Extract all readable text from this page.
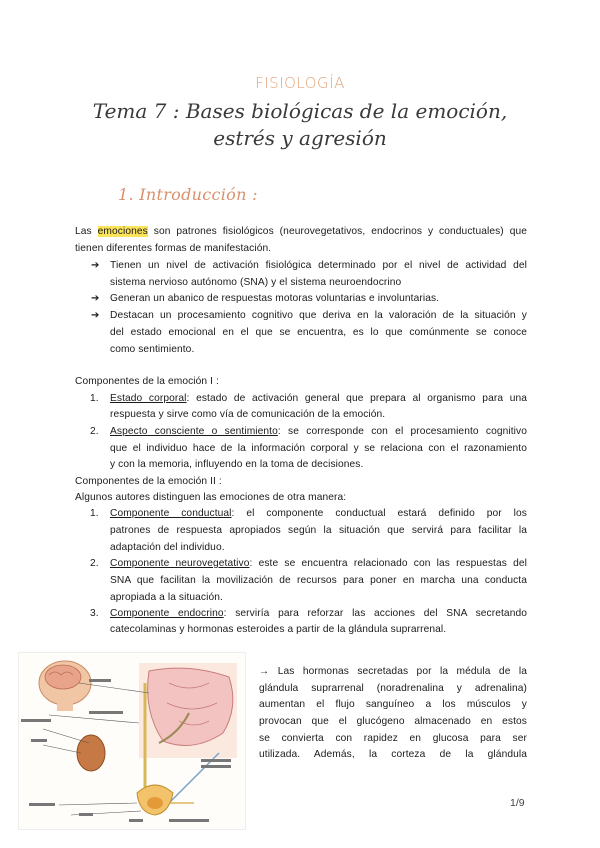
FISIOLOGÍA
Tema 7 : Bases biológicas de la emoción, estrés y agresión
1. Introducción :
Las emociones son patrones fisiológicos (neurovegetativos, endocrinos y conductuales) que
tienen diferentes formas de manifestación.
➔ Tienen un nivel de activación fisiológica determinado por el nivel de actividad del
sistema nervioso autónomo (SNA) y el sistema neuroendocrino
➔ Generan un abanico de respuestas motoras voluntarias e involuntarias.
➔ Destacan un procesamiento cognitivo que deriva en la valoración de la situación y
del estado emocional en el que se encuentra, es lo que comúnmente se conoce
como sentimiento.
Componentes de la emoción I :
1. Estado corporal: estado de activación general que prepara al organismo para una
respuesta y sirve como vía de comunicación de la emoción.
2. Aspecto consciente o sentimiento: se corresponde con el procesamiento cognitivo
que el individuo hace de la información corporal y se relaciona con el razonamiento
y con la memoria, influyendo en la toma de decisiones.
Componentes de la emoción II :
Algunos autores distinguen las emociones de otra manera:
1. Componente conductual: el componente conductual estará definido por los
patrones de respuesta apropiados según la situación que servirá para facilitar la
adaptación del individuo.
2. Componente neurovegetativo: este se encuentra relacionado con las respuestas del
SNA que facilitan la movilización de recursos para poner en marcha una conducta
apropiada a la situación.
3. Componente endocrino: serviría para reforzar las acciones del SNA secretando
catecolaminas y hormonas esteroides a partir de la glándula suprarrenal.
→ Las hormonas secretadas por la médula de la
glándula suprarrenal (noradrenalina y adrenalina)
aumentan el flujo sanguíneo a los músculos y
provocan que el glucógeno almacenado en estos
se convierta con rapidez en glucosa para ser
utilizada. Además, la corteza de la glándula
1/9
